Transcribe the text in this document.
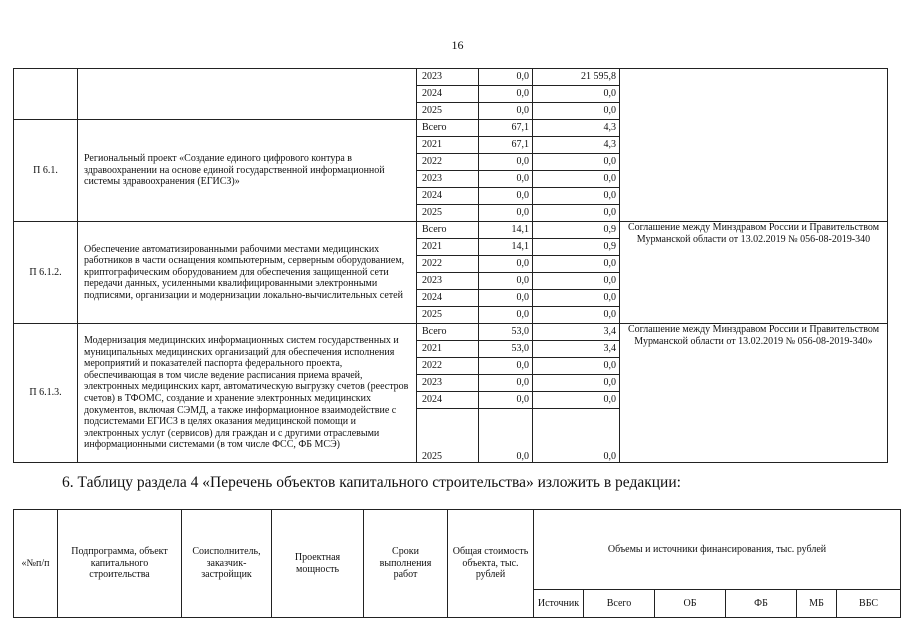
16
		2023	0,0	21 595,8	
		2024	0,0	0,0	
		2025	0,0	0,0	
П 6.1.	Региональный проект «Создание единого цифрового контура в здравоохранении на основе единой государственной информационной системы здравоохранения (ЕГИСЗ)»	Всего	67,1	4,3	
		2021	67,1	4,3	
		2022	0,0	0,0	
		2023	0,0	0,0	
		2024	0,0	0,0	
		2025	0,0	0,0	
П 6.1.2.	Обеспечение автоматизированными рабочими местами медицинских работников в части оснащения компьютерным, серверным оборудованием, криптографическим оборудованием для обеспечения защищенной сети передачи данных, усиленными квалифицированными электронными подписями, организации и модернизации локально-вычислительных сетей	Всего	14,1	0,9	Соглашение между Минздравом России и Правительством Мурманской области от 13.02.2019 № 056-08-2019-340
		2021	14,1	0,9	
		2022	0,0	0,0	
		2023	0,0	0,0	
		2024	0,0	0,0	
		2025	0,0	0,0	
П 6.1.3.	Модернизация медицинских информационных систем государственных и муниципальных медицинских организаций для обеспечения исполнения мероприятий и показателей паспорта федерального проекта, обеспечивающая в том числе ведение расписания приема врачей, электронных медицинских карт, автоматическую выгрузку счетов (реестров счетов) в ТФОМС, создание и хранение электронных медицинских документов, включая СЭМД, а также информационное взаимодействие с подсистемами ЕГИСЗ в целях оказания медицинской помощи и электронных услуг (сервисов) для граждан и с другими отраслевыми информационными системами (в том числе ФСС, ФБ МСЭ)	Всего	53,0	3,4	Соглашение между Минздравом России и Правительством Мурманской области от 13.02.2019 № 056-08-2019-340»
		2021	53,0	3,4	
		2022	0,0	0,0	
		2023	0,0	0,0	
		2024	0,0	0,0	
		2025	0,0	0,0	
6. Таблицу раздела 4 «Перечень объектов капитального строительства» изложить в редакции:
«№п/п	Подпрограмма, объект капитального строительства	Соисполнитель, заказчик-застройщик	Проектная мощность	Сроки выполнения работ	Общая стоимость объекта, тыс. рублей	Объемы и источники финансирования, тыс. рублей					
						Источник	Всего	ОБ	ФБ	МБ	ВБС
